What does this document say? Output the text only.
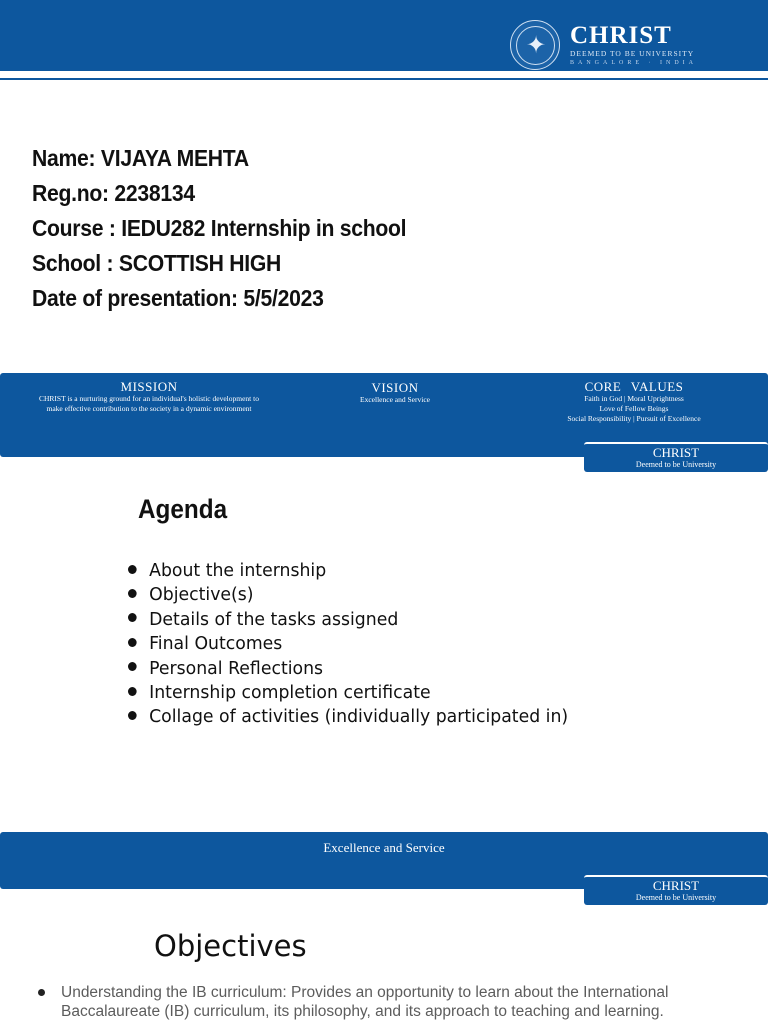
✦ CHRIST
DEEMED TO BE UNIVERSITY
BANGALORE · INDIA
Name: VIJAYA MEHTA
Reg.no: 2238134
Course : IEDU282 Internship in school
School : SCOTTISH HIGH
Date of presentation: 5/5/2023
MISSION
CHRIST is a nurturing ground for an individual's holistic development to
make effective contribution to the society in a dynamic environment
VISION
Excellence and Service
CORE VALUES
Faith in God | Moral Uprightness
Love of Fellow Beings
Social Responsibility | Pursuit of Excellence
CHRIST
Deemed to be University
Agenda
About the internship
Objective(s)
Details of the tasks assigned
Final Outcomes
Personal Reflections
Internship completion certificate
Collage of activities (individually participated in)
Excellence and Service
CHRIST
Deemed to be University
Objectives
Understanding the IB curriculum: Provides an opportunity to learn about the International Baccalaureate (IB) curriculum, its philosophy, and its approach to teaching and learning.
